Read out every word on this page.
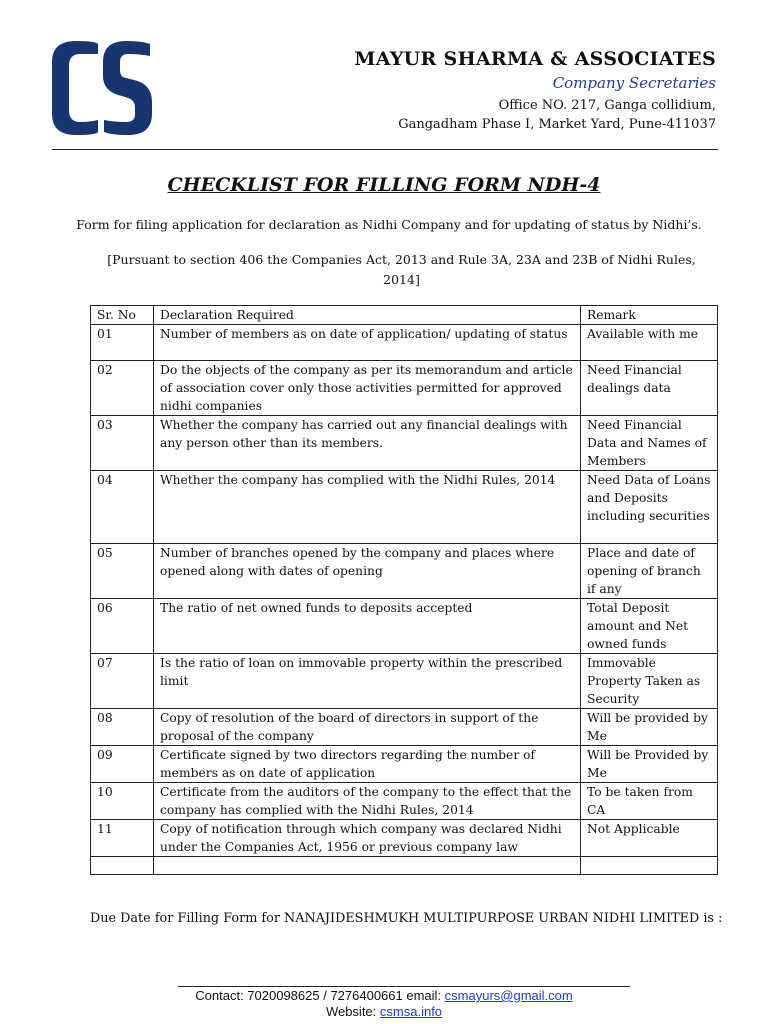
MAYUR SHARMA & ASSOCIATES
Company Secretaries
Office NO. 217, Ganga collidium,
Gangadham Phase I, Market Yard, Pune-411037
CHECKLIST FOR FILLING FORM NDH-4
Form for filing application for declaration as Nidhi Company and for updating of status by Nidhi’s.
[Pursuant to section 406 the Companies Act, 2013 and Rule 3A, 23A and 23B of Nidhi Rules, 2014]
Sr. No	Declaration Required	Remark
01	Number of members as on date of application/ updating of status	Available with me
02	Do the objects of the company as per its memorandum and article of association cover only those activities permitted for approved nidhi companies	Need Financial dealings data
03	Whether the company has carried out any financial dealings with any person other than its members.	Need Financial Data and Names of Members
04	Whether the company has complied with the Nidhi Rules, 2014	Need Data of Loans and Deposits including securities
05	Number of branches opened by the company and places where opened along with dates of opening	Place and date of opening of branch if any
06	The ratio of net owned funds to deposits accepted	Total Deposit amount and Net owned funds
07	Is the ratio of loan on immovable property within the prescribed limit	Immovable Property Taken as Security
08	Copy of resolution of the board of directors in support of the proposal of the company	Will be provided by Me
09	Certificate signed by two directors regarding the number of members as on date of application	Will be Provided by Me
10	Certificate from the auditors of the company to the effect that the company has complied with the Nidhi Rules, 2014	To be taken from CA
11	Copy of notification through which company was declared Nidhi under the Companies Act, 1956 or previous company law	Not Applicable

Due Date for Filling Form for NANAJIDESHMUKH MULTIPURPOSE URBAN NIDHI LIMITED is :
Contact: 7020098625 / 7276400661 email: csmayurs@gmail.com
Website: csmsa.info
